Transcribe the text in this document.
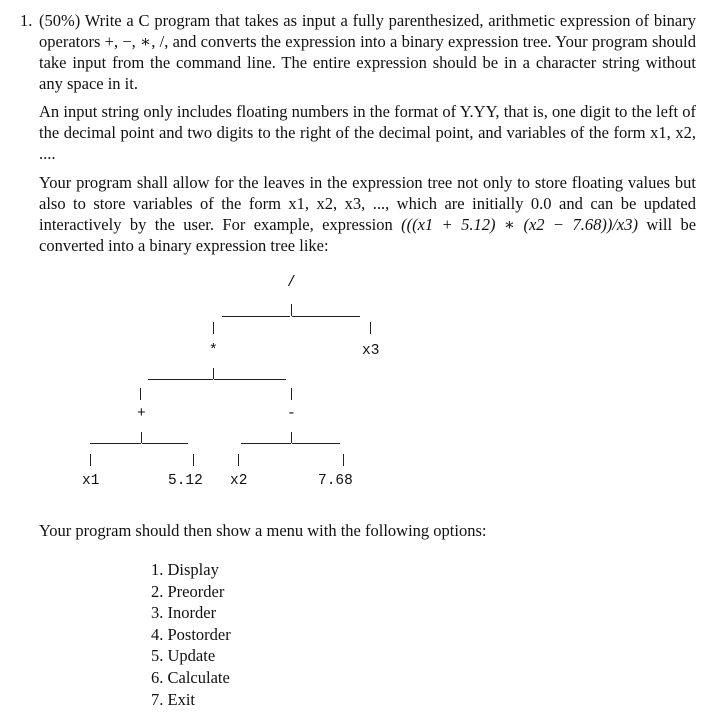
1. (50%) Write a C program that takes as input a fully parenthesized, arithmetic expression of binary operators +, −, ∗, /, and converts the expression into a binary expression tree. Your program should take input from the command line. The entire expression should be in a character string without any space in it.

An input string only includes floating numbers in the format of Y.YY, that is, one digit to the left of the decimal point and two digits to the right of the decimal point, and variables of the form x1, x2, ....

Your program shall allow for the leaves in the expression tree not only to store floating values but also to store variables of the form x1, x2, x3, ..., which are initially 0.0 and can be updated interactively by the user. For example, expression (((x1 + 5.12) ∗ (x2 − 7.68))/x3) will be converted into a binary expression tree like:

/
*	x3
+	-
x1	5.12 x2	7.68

Your program should then show a menu with the following options:

1. Display
2. Preorder
3. Inorder
4. Postorder
5. Update
6. Calculate
7. Exit
